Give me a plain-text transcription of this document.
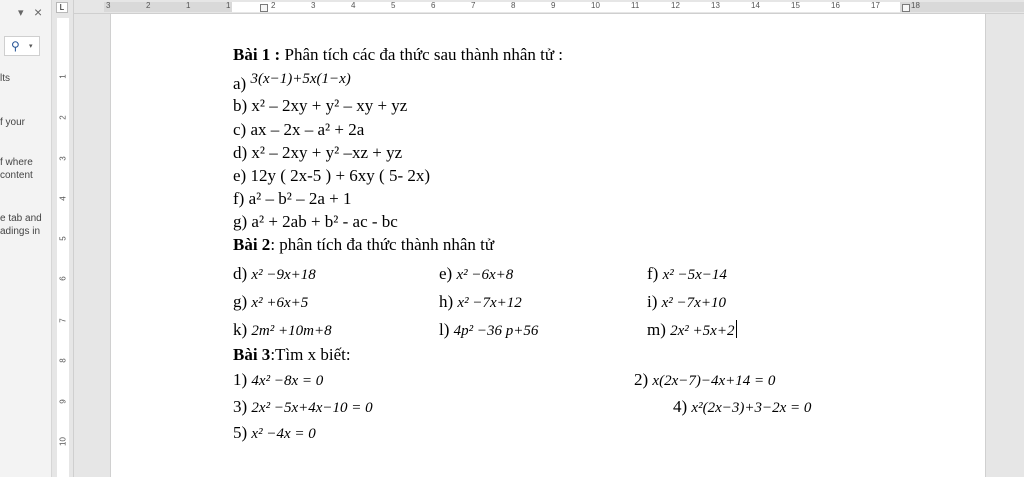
▾ ×
⚲ ▾
lts
f your
f where
content
e tab and
adings in
L
1
2
3
4
5
6
7
8
9
10
3	2	1	1	2	3	4	5	6	7	8	9	10	11	12	13	14	15	16	17	18
Bài 1 : Phân tích các đa thức sau thành nhân tử :
a) 3(x−1)+5x(1−x)
b) x² – 2xy + y² – xy + yz
c) ax – 2x – a² + 2a
d) x² – 2xy + y² –xz + yz
e) 12y ( 2x-5 ) + 6xy ( 5- 2x)
f) a² – b² – 2a + 1
g) a² + 2ab + b² - ac - bc
Bài 2: phân tích đa thức thành nhân tử
d) x² −9x+18	e) x² −6x+8	f) x² −5x−14
g) x² +6x+5	h) x² −7x+12	i) x² −7x+10
k) 2m² +10m+8	l) 4p² −36 p+56	m) 2x² +5x+2
Bài 3:Tìm x biết:
1) 4x² −8x = 0	2) x(2x−7)−4x+14 = 0
3) 2x² −5x+4x−10 = 0	4) x²(2x−3)+3−2x = 0
5) x² −4x = 0
